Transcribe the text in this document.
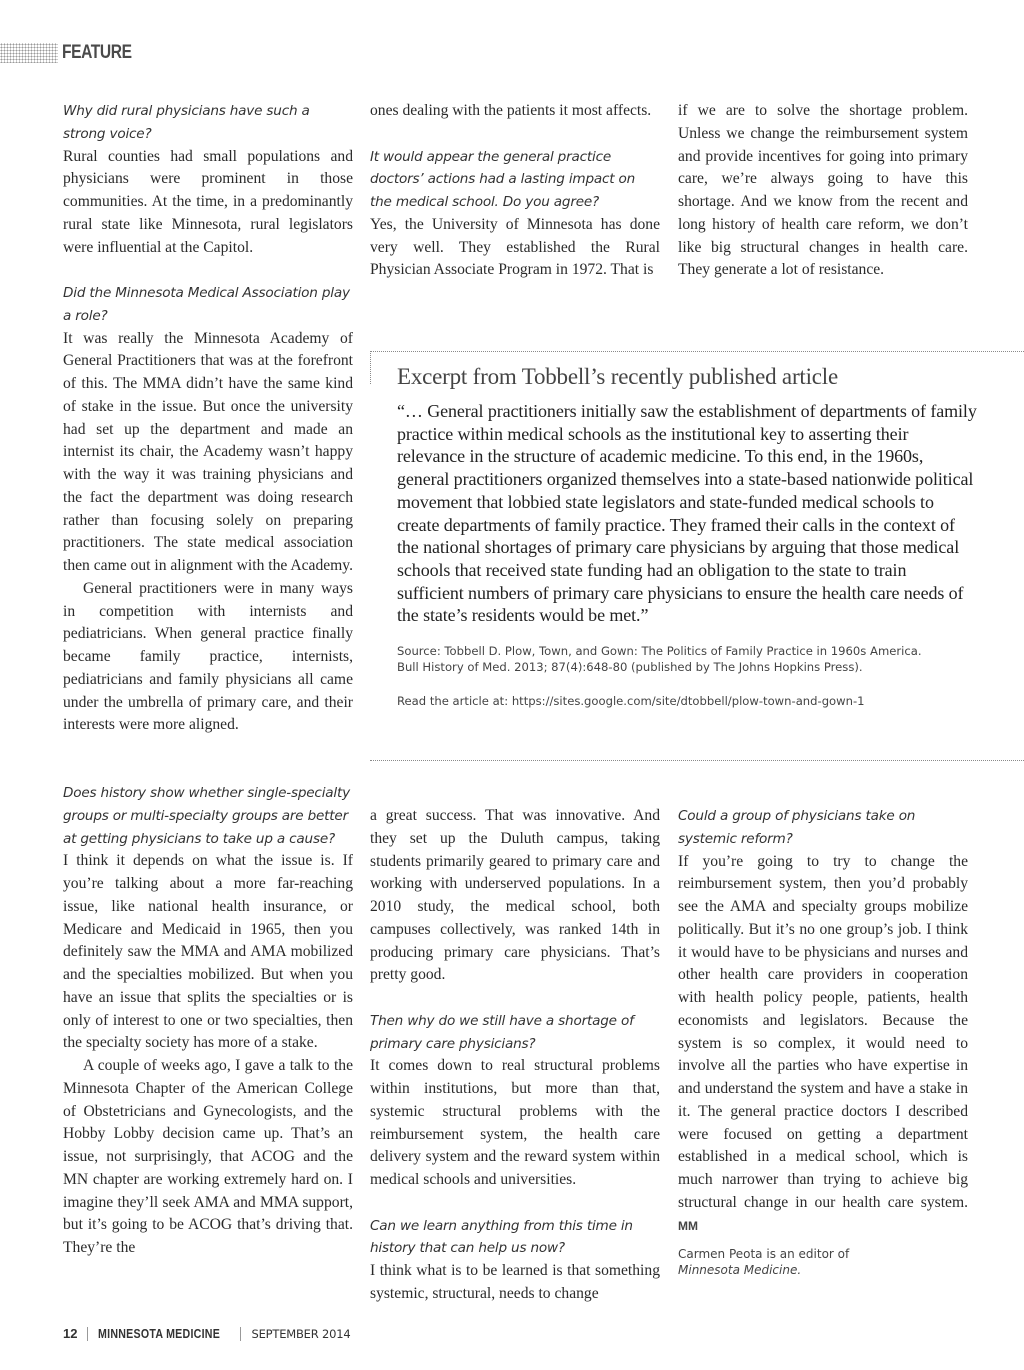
FEATURE

Why did rural physicians have such a strong voice?

Rural counties had small populations and physicians were prominent in those communities. At the time, in a predominantly rural state like Minnesota, rural legislators were influential at the Capitol.

Did the Minnesota Medical Association play a role?

It was really the Minnesota Academy of General Practitioners that was at the forefront of this. The MMA didn’t have the same kind of stake in the issue. But once the university had set up the department and made an internist its chair, the Academy wasn’t happy with the way it was training physicians and the fact the department was doing research rather than focusing solely on preparing practitioners. The state medical association then came out in alignment with the Academy.

General practitioners were in many ways in competition with internists and pediatricians. When general practice finally became family practice, internists, pediatricians and family physicians all came under the umbrella of primary care, and their interests were more aligned.

ones dealing with the patients it most affects.

It would appear the general practice doctors’ actions had a lasting impact on the medical school. Do you agree?

Yes, the University of Minnesota has done very well. They established the Rural Physician Associate Program in 1972. That is

if we are to solve the shortage problem. Unless we change the reimbursement system and provide incentives for going into primary care, we’re always going to have this shortage. And we know from the recent and long history of health care reform, we don’t like big structural changes in health care. They generate a lot of resistance.

Excerpt from Tobbell’s recently published article

“… General practitioners initially saw the establishment of departments of family practice within medical schools as the institutional key to asserting their relevance in the structure of academic medicine. To this end, in the 1960s, general practitioners organized themselves into a state-based nationwide political movement that lobbied state legislators and state-funded medical schools to create departments of family practice. They framed their calls in the context of the national shortages of primary care physicians by arguing that those medical schools that received state funding had an obligation to the state to train sufficient numbers of primary care physicians to ensure the health care needs of the state’s residents would be met.”

Source: Tobbell D. Plow, Town, and Gown: The Politics of Family Practice in 1960s America.
Bull History of Med. 2013; 87(4):648-80 (published by The Johns Hopkins Press).

Read the article at: https://sites.google.com/site/dtobbell/plow-town-and-gown-1

Does history show whether single-specialty groups or multi-specialty groups are better at getting physicians to take up a cause?

I think it depends on what the issue is. If you’re talking about a more far-reaching issue, like national health insurance, or Medicare and Medicaid in 1965, then you definitely saw the MMA and AMA mobilized and the specialties mobilized. But when you have an issue that splits the specialties or is only of interest to one or two specialties, then the specialty society has more of a stake.

A couple of weeks ago, I gave a talk to the Minnesota Chapter of the American College of Obstetricians and Gynecologists, and the Hobby Lobby decision came up. That’s an issue, not surprisingly, that ACOG and the MN chapter are working extremely hard on. I imagine they’ll seek AMA and MMA support, but it’s going to be ACOG that’s driving that. They’re the

a great success. That was innovative. And they set up the Duluth campus, taking students primarily geared to primary care and working with underserved populations. In a 2010 study, the medical school, both campuses collectively, was ranked 14th in producing primary care physicians. That’s pretty good.

Then why do we still have a shortage of primary care physicians?

It comes down to real structural problems within institutions, but more than that, systemic structural problems with the reimbursement system, the health care delivery system and the reward system within medical schools and universities.

Can we learn anything from this time in history that can help us now?

I think what is to be learned is that something systemic, structural, needs to change

Could a group of physicians take on systemic reform?

If you’re going to try to change the reimbursement system, then you’d probably see the AMA and specialty groups mobilize politically. But it’s no one group’s job. I think it would have to be physicians and nurses and other health care providers in cooperation with health policy people, patients, health economists and legislators. Because the system is so complex, it would need to involve all the parties who have expertise in and understand the system and have a stake in it. The general practice doctors I described were focused on getting a department established in a medical school, which is much narrower than trying to achieve big structural change in our health care system. MM

Carmen Peota is an editor of
Minnesota Medicine.

12 MINNESOTA MEDICINE	SEPTEMBER 2014
